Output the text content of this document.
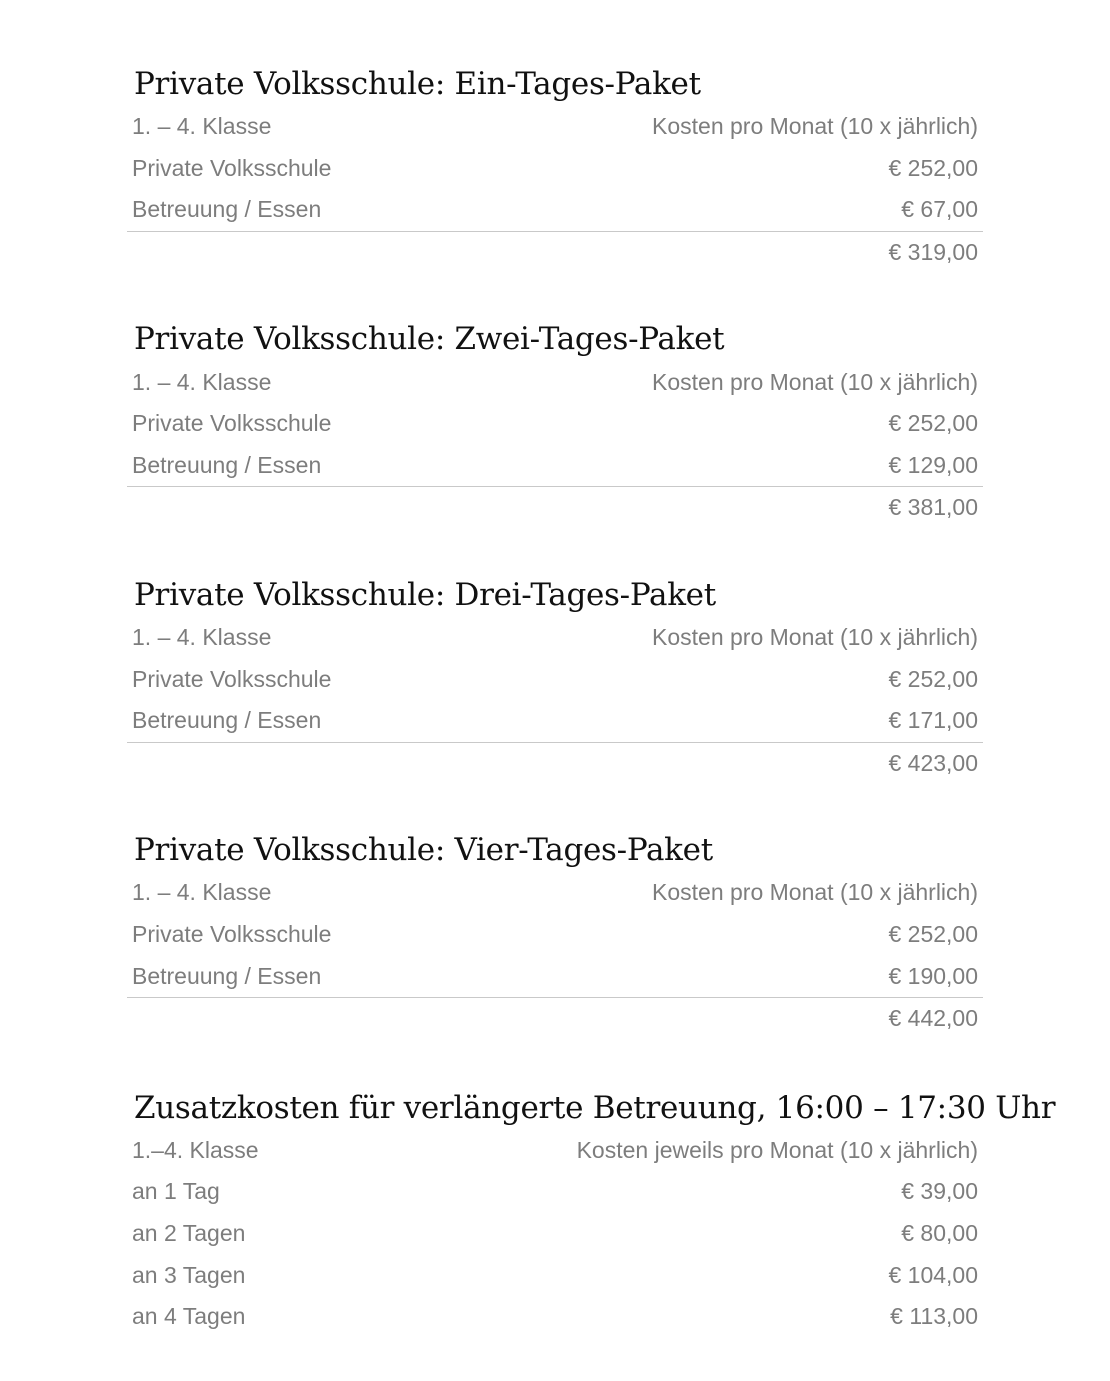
Private Volksschule: Ein-Tages-Paket
1. – 4. Klasse	Kosten pro Monat (10 x jährlich)
Private Volksschule	€ 252,00
Betreuung / Essen	€ 67,00
€ 319,00
Private Volksschule: Zwei-Tages-Paket
1. – 4. Klasse	Kosten pro Monat (10 x jährlich)
Private Volksschule	€ 252,00
Betreuung / Essen	€ 129,00
€ 381,00
Private Volksschule: Drei-Tages-Paket
1. – 4. Klasse	Kosten pro Monat (10 x jährlich)
Private Volksschule	€ 252,00
Betreuung / Essen	€ 171,00
€ 423,00
Private Volksschule: Vier-Tages-Paket
1. – 4. Klasse	Kosten pro Monat (10 x jährlich)
Private Volksschule	€ 252,00
Betreuung / Essen	€ 190,00
€ 442,00
Zusatzkosten für verlängerte Betreuung, 16:00 – 17:30 Uhr
1.–4. Klasse	Kosten jeweils pro Monat (10 x jährlich)
an 1 Tag	€ 39,00
an 2 Tagen	€ 80,00
an 3 Tagen	€ 104,00
an 4 Tagen	€ 113,00
